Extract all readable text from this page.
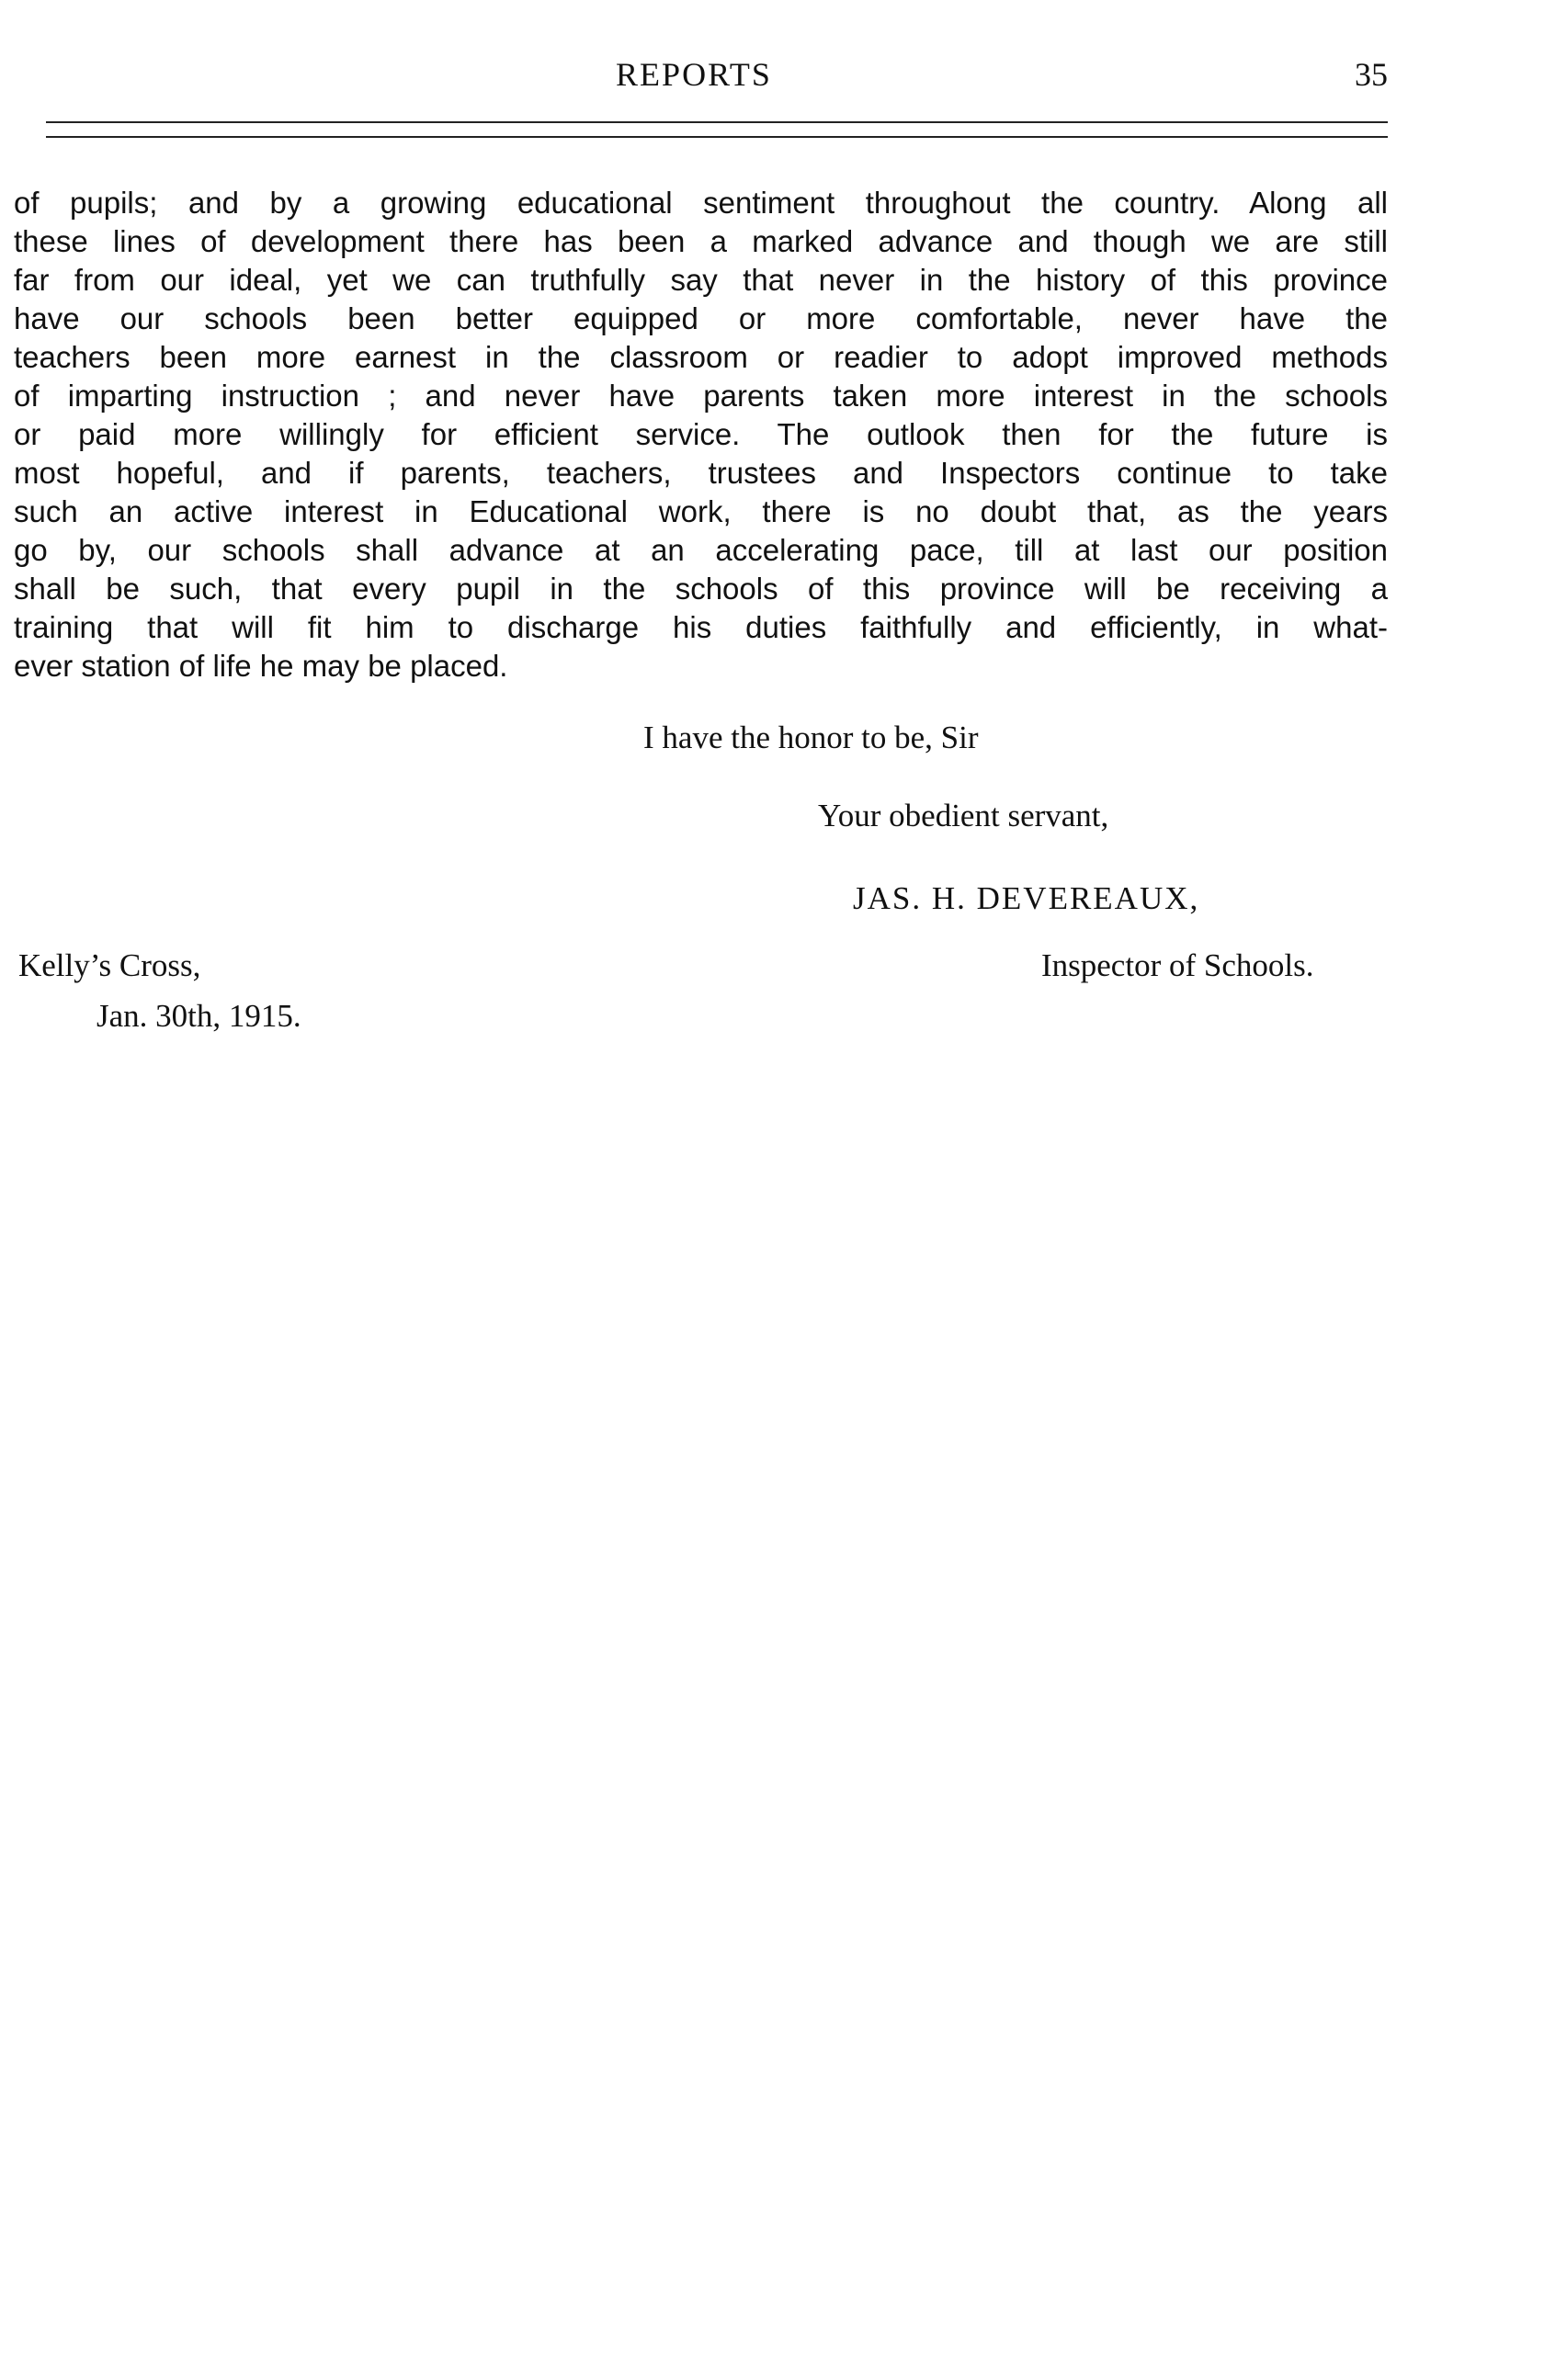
REPORTS	35
of pupils; and by a growing educational sentiment throughout the country. Along all
these lines of development there has been a marked advance and though we are still
far from our ideal, yet we can truthfully say that never in the history of this province
have our schools been better equipped or more comfortable, never have the
teachers been more earnest in the classroom or readier to adopt improved methods
of imparting instruction ; and never have parents taken more interest in the schools
or paid more willingly for efficient service. The outlook then for the future is
most hopeful, and if parents, teachers, trustees and Inspectors continue to take
such an active interest in Educational work, there is no doubt that, as the years
go by, our schools shall advance at an accelerating pace, till at last our position
shall be such, that every pupil in the schools of this province will be receiving a
training that will fit him to discharge his duties faithfully and efficiently, in what-
ever station of life he may be placed.
I have the honor to be, Sir
Your obedient servant,
JAS. H. DEVEREAUX,
Inspector of Schools.
Kelly’s Cross,
Jan. 30th, 1915.
